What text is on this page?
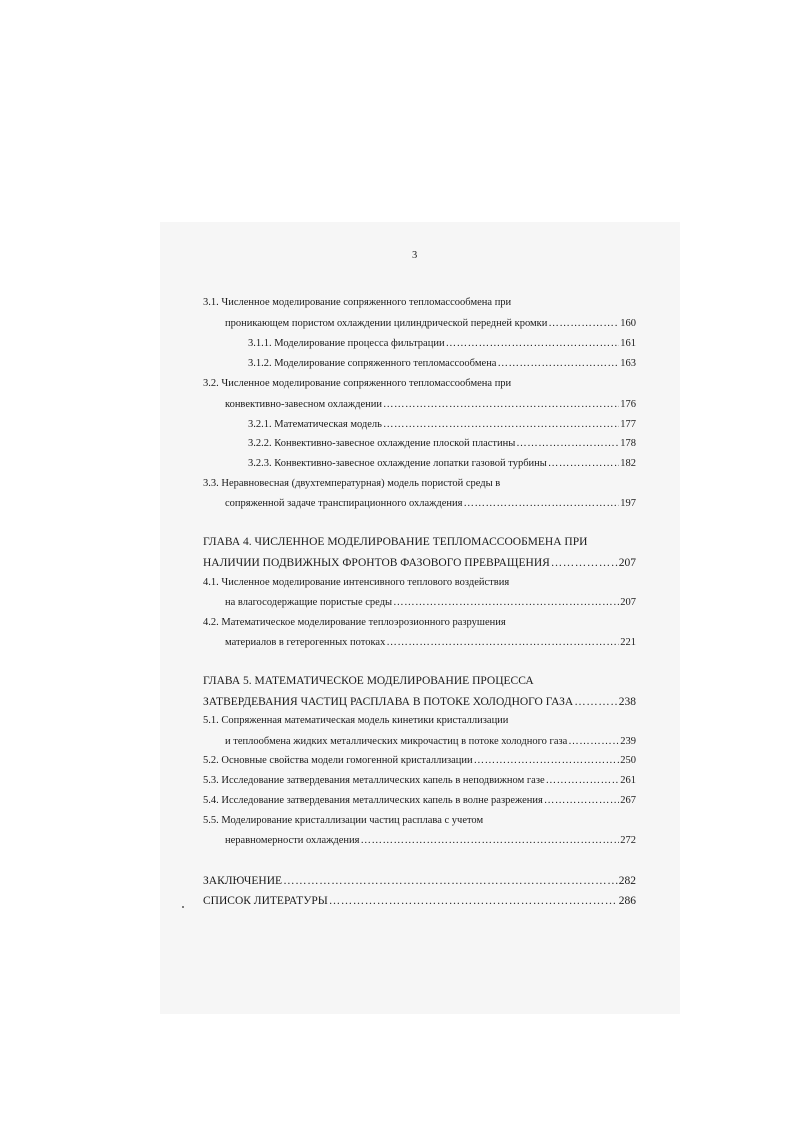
3
3.1. Численное моделирование сопряженного тепломассообмена при
проникающем пористом охлаждении цилиндрической передней кромки …………………………………………………………………………………………………………………………………………………………………………………………………………	160
3.1.1. Моделирование процесса фильтрации …………………………………………………………………………………………………………………………………………………………………………………………………………	161
3.1.2. Моделирование сопряженного тепломассообмена …………………………………………………………………………………………………………………………………………………………………………………………………………	163
3.2. Численное моделирование сопряженного тепломассообмена при
конвективно-завесном охлаждении …………………………………………………………………………………………………………………………………………………………………………………………………………	176
3.2.1. Математическая модель …………………………………………………………………………………………………………………………………………………………………………………………………………	177
3.2.2. Конвективно-завесное охлаждение плоской пластины …………………………………………………………………………………………………………………………………………………………………………………………………………	178
3.2.3. Конвективно-завесное охлаждение лопатки газовой турбины …………………………………………………………………………………………………………………………………………………………………………………………………………	182
3.3. Неравновесная (двухтемпературная) модель пористой среды в
сопряженной задаче транспирационного охлаждения …………………………………………………………………………………………………………………………………………………………………………………………………………	197
ГЛАВА 4. ЧИСЛЕННОЕ МОДЕЛИРОВАНИЕ ТЕПЛОМАССООБМЕНА ПРИ
НАЛИЧИИ ПОДВИЖНЫХ ФРОНТОВ ФАЗОВОГО ПРЕВРАЩЕНИЯ …………………………………………………………………………………………………………………………………………………………………………………………………………	207
4.1. Численное моделирование интенсивного теплового воздействия
на влагосодержащие пористые среды …………………………………………………………………………………………………………………………………………………………………………………………………………	207
4.2. Математическое моделирование теплоэрозионного разрушения
материалов в гетерогенных потоках …………………………………………………………………………………………………………………………………………………………………………………………………………	221
ГЛАВА 5. МАТЕМАТИЧЕСКОЕ МОДЕЛИРОВАНИЕ ПРОЦЕССА
ЗАТВЕРДЕВАНИЯ ЧАСТИЦ РАСПЛАВА В ПОТОКЕ ХОЛОДНОГО ГАЗА …………………………………………………………………………………………………………………………………………………………………………………………………………	238
5.1. Сопряженная математическая модель кинетики кристаллизации
и теплообмена жидких металлических микрочастиц в потоке холодного газа …………………………………………………………………………………………………………………………………………………………………………………………………………	239
5.2. Основные свойства модели гомогенной кристаллизации …………………………………………………………………………………………………………………………………………………………………………………………………………	250
5.3. Исследование затвердевания металлических капель в неподвижном газе …………………………………………………………………………………………………………………………………………………………………………………………………………	261
5.4. Исследование затвердевания металлических капель в волне разрежения …………………………………………………………………………………………………………………………………………………………………………………………………………	267
5.5. Моделирование кристаллизации частиц расплава с учетом
неравномерности охлаждения …………………………………………………………………………………………………………………………………………………………………………………………………………	272
ЗАКЛЮЧЕНИЕ …………………………………………………………………………………………………………………………………………………………………………………………………………	282
СПИСОК ЛИТЕРАТУРЫ …………………………………………………………………………………………………………………………………………………………………………………………………………	286
